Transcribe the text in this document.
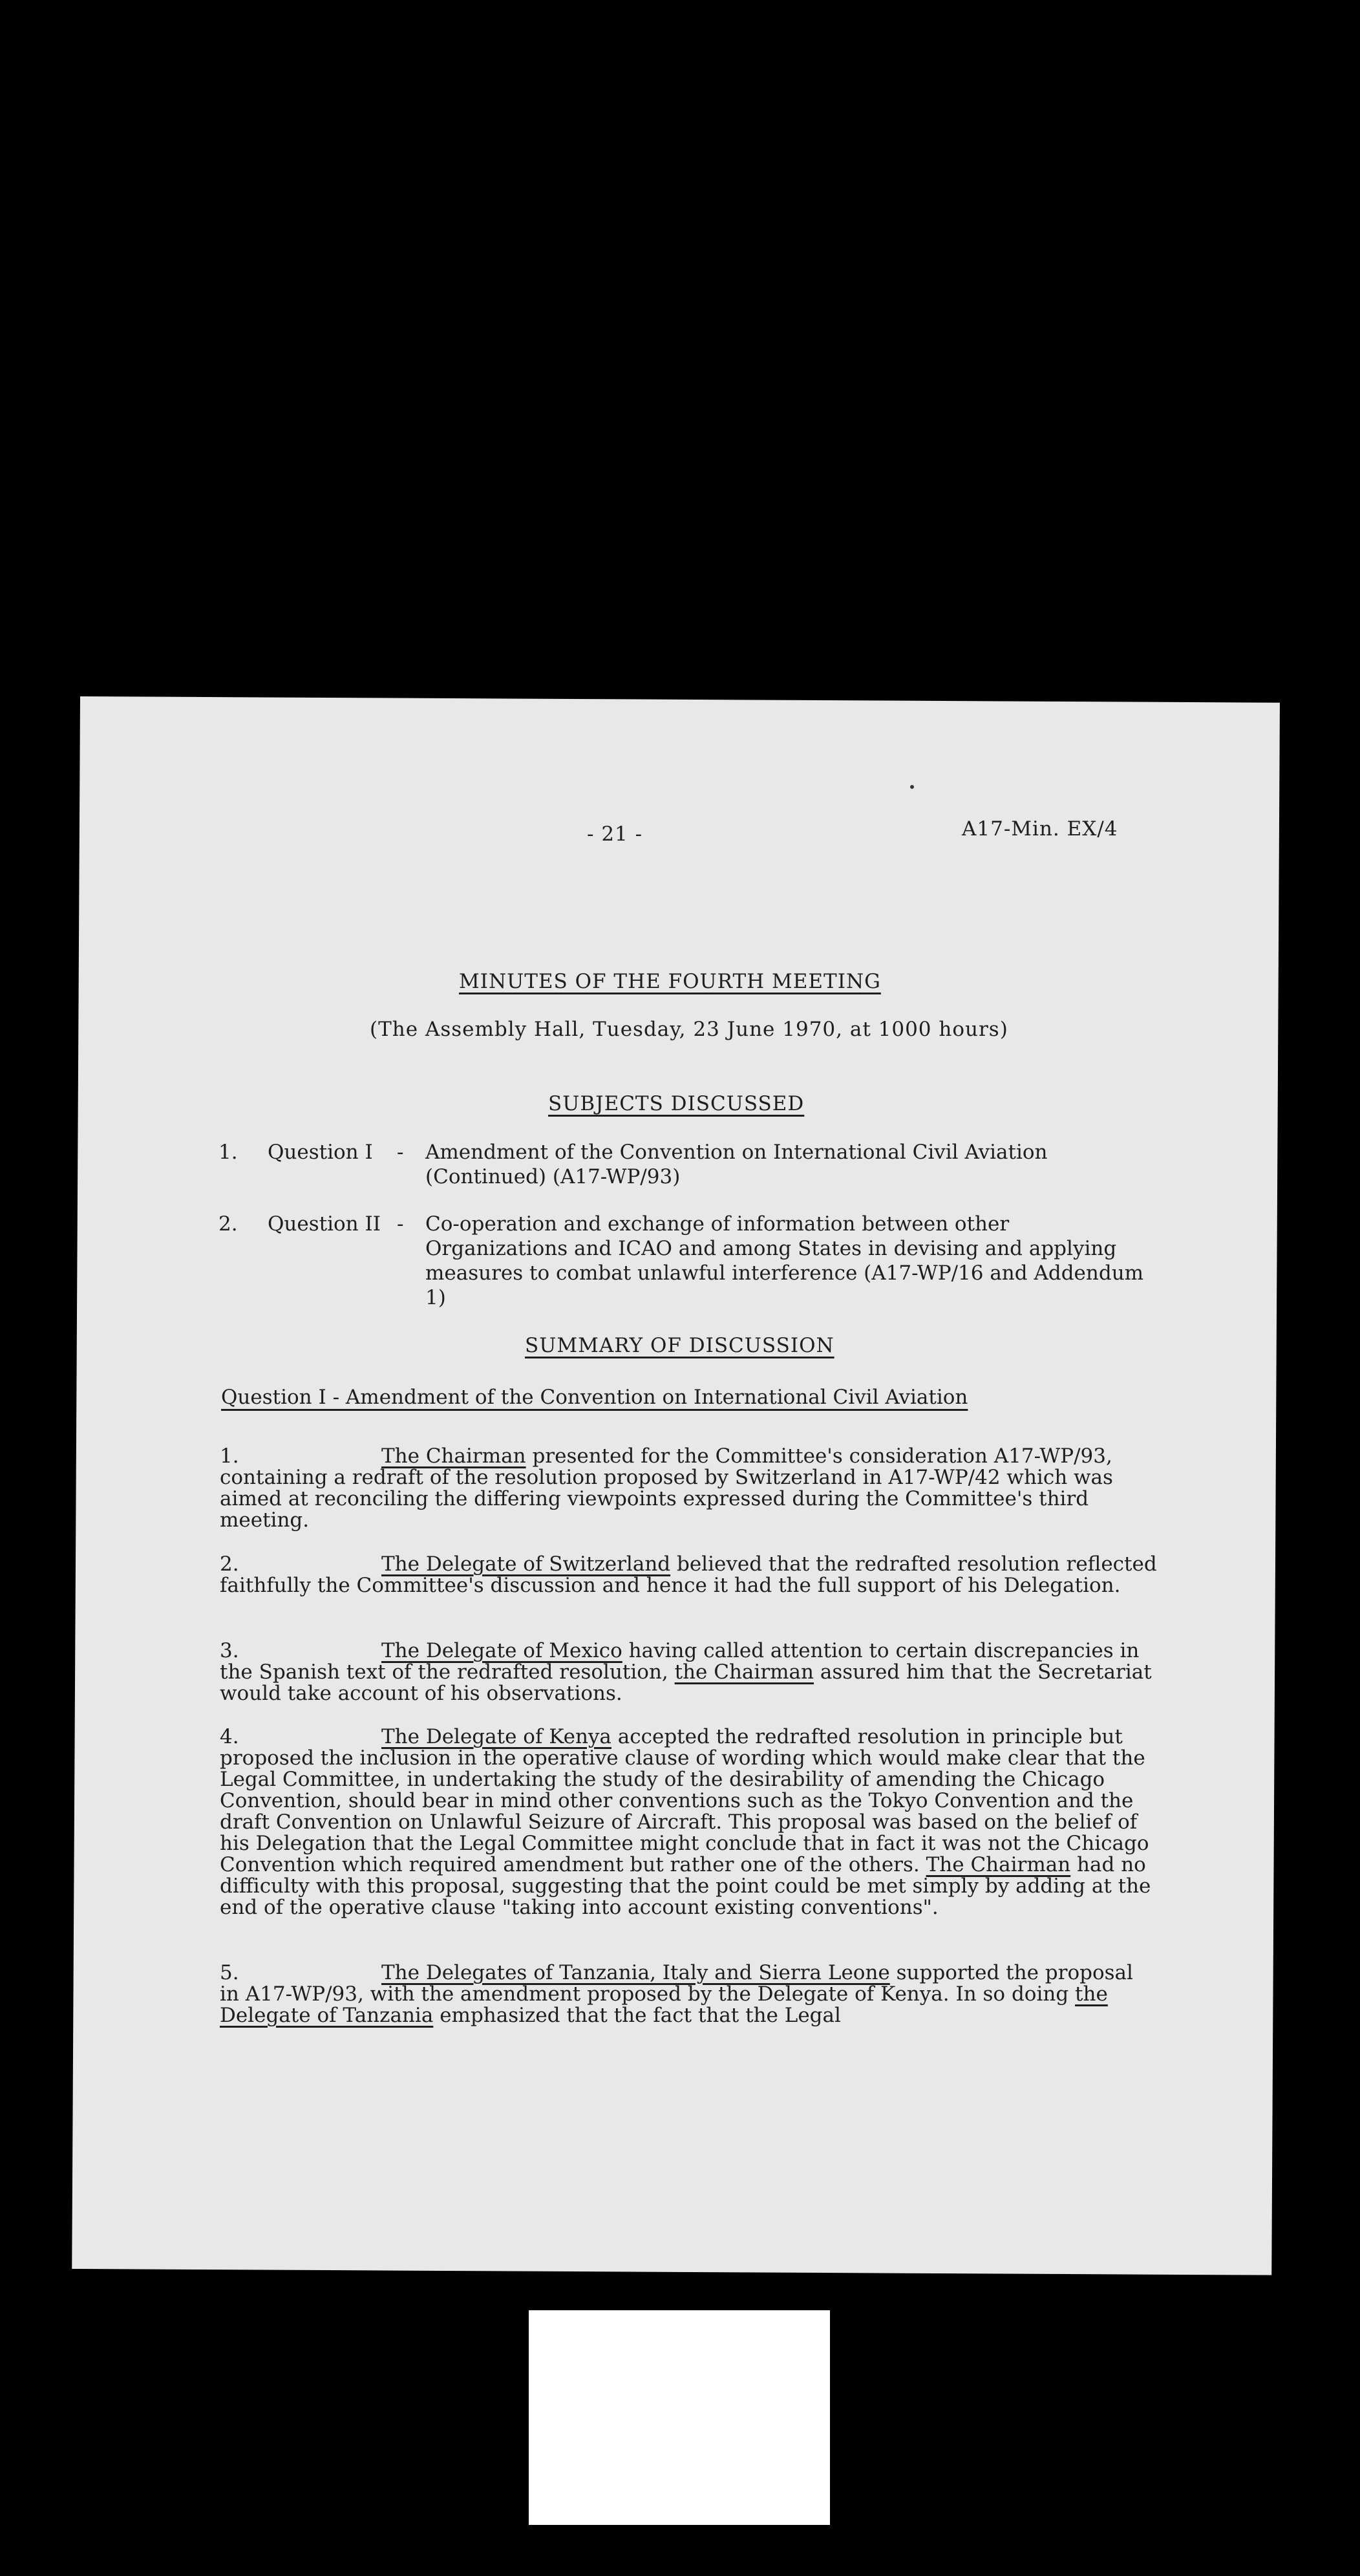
- 21 -	A17-Min. EX/4
MINUTES OF THE FOURTH MEETING
(The Assembly Hall, Tuesday, 23 June 1970, at 1000 hours)
SUBJECTS DISCUSSED
1. Question I - Amendment of the Convention on International Civil Aviation (Continued) (A17-WP/93)
2. Question II - Co-operation and exchange of information between other Organizations and ICAO and among States in devising and applying measures to combat unlawful interference (A17-WP/16 and Addendum 1)
SUMMARY OF DISCUSSION
Question I - Amendment of the Convention on International Civil Aviation
1.	The Chairman presented for the Committee's consideration A17-WP/93, containing a redraft of the resolution proposed by Switzerland in A17-WP/42 which was aimed at reconciling the differing viewpoints expressed during the Committee's third meeting.
2.	The Delegate of Switzerland believed that the redrafted resolution reflected faithfully the Committee's discussion and hence it had the full support of his Delegation.
3.	The Delegate of Mexico having called attention to certain discrepancies in the Spanish text of the redrafted resolution, the Chairman assured him that the Secretariat would take account of his observations.
4.	The Delegate of Kenya accepted the redrafted resolution in principle but proposed the inclusion in the operative clause of wording which would make clear that the Legal Committee, in undertaking the study of the desirability of amending the Chicago Convention, should bear in mind other conventions such as the Tokyo Convention and the draft Convention on Unlawful Seizure of Aircraft. This proposal was based on the belief of his Delegation that the Legal Committee might conclude that in fact it was not the Chicago Convention which required amendment but rather one of the others. The Chairman had no difficulty with this proposal, suggesting that the point could be met simply by adding at the end of the operative clause "taking into account existing conventions".
5.	The Delegates of Tanzania, Italy and Sierra Leone supported the proposal in A17-WP/93, with the amendment proposed by the Delegate of Kenya. In so doing the Delegate of Tanzania emphasized that the fact that the Legal
